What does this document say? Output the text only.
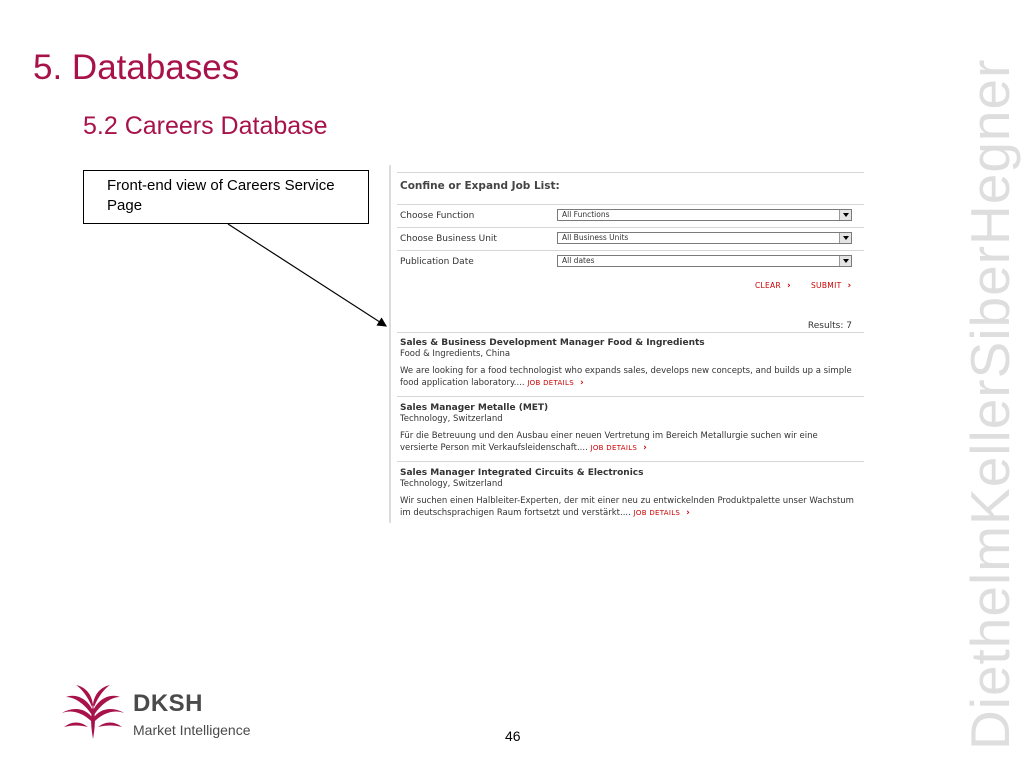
5. Databases
5.2 Careers Database
Front-end view of Careers Service Page
Confine or Expand Job List:
Choose Function	All Functions
Choose Business Unit	All Business Units
Publication Date	All dates
CLEAR ›	SUBMIT ›
Results: 7
Sales & Business Development Manager Food & Ingredients
Food & Ingredients, China
We are looking for a food technologist who expands sales, develops new concepts, and builds up a simple food application laboratory.... JOB DETAILS ›
Sales Manager Metalle (MET)
Technology, Switzerland
Für die Betreuung und den Ausbau einer neuen Vertretung im Bereich Metallurgie suchen wir eine versierte Person mit Verkaufsleidenschaft.... JOB DETAILS ›
Sales Manager Integrated Circuits & Electronics
Technology, Switzerland
Wir suchen einen Halbleiter-Experten, der mit einer neu zu entwickelnden Produktpalette unser Wachstum im deutschsprachigen Raum fortsetzt und verstärkt.... JOB DETAILS ›
DKSH
Market Intelligence	46	DiethelmKellerSiberHegner
